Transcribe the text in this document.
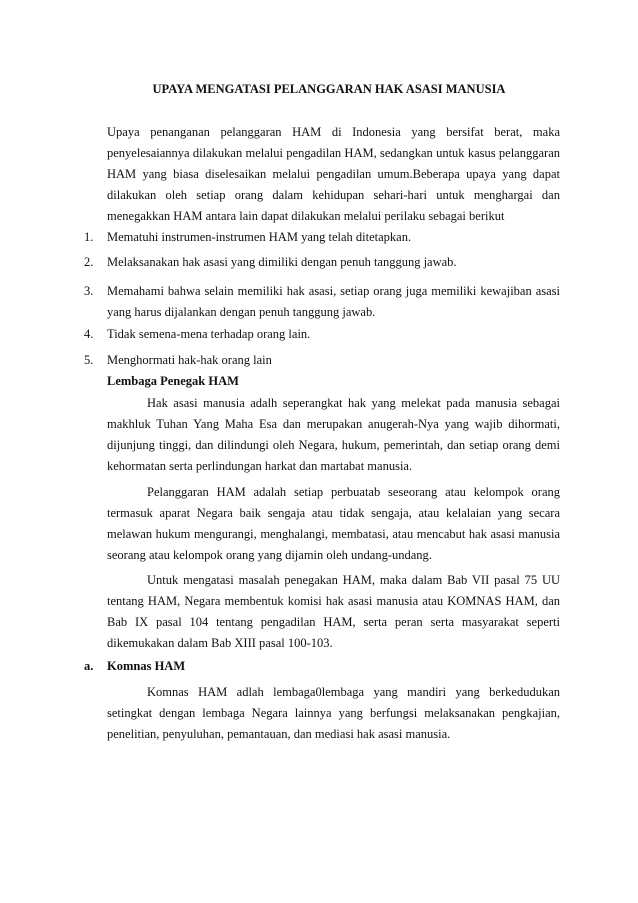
UPAYA MENGATASI PELANGGARAN HAK ASASI MANUSIA

Upaya penanganan pelanggaran HAM di Indonesia yang bersifat berat, maka penyelesaiannya dilakukan melalui pengadilan HAM, sedangkan untuk kasus pelanggaran HAM yang biasa diselesaikan melalui pengadilan umum.Beberapa upaya yang dapat dilakukan oleh setiap orang dalam kehidupan sehari-hari untuk menghargai dan menegakkan HAM antara lain dapat dilakukan melalui perilaku sebagai berikut

1. Mematuhi instrumen-instrumen HAM yang telah ditetapkan.
2. Melaksanakan hak asasi yang dimiliki dengan penuh tanggung jawab.
3. Memahami bahwa selain memiliki hak asasi, setiap orang juga memiliki kewajiban asasi yang harus dijalankan dengan penuh tanggung jawab.
4. Tidak semena-mena terhadap orang lain.
5. Menghormati hak-hak orang lain
Lembaga Penegak HAM

Hak asasi manusia adalh seperangkat hak yang melekat pada manusia sebagai makhluk Tuhan Yang Maha Esa dan merupakan anugerah-Nya yang wajib dihormati, dijunjung tinggi, dan dilindungi oleh Negara, hukum, pemerintah, dan setiap orang demi kehormatan serta perlindungan harkat dan martabat manusia.

Pelanggaran HAM adalah setiap perbuatab seseorang atau kelompok orang termasuk aparat Negara baik sengaja atau tidak sengaja, atau kelalaian yang secara melawan hukum mengurangi, menghalangi, membatasi, atau mencabut hak asasi manusia seorang atau kelompok orang yang dijamin oleh undang-undang.

Untuk mengatasi masalah penegakan HAM, maka dalam Bab VII pasal 75 UU tentang HAM, Negara membentuk komisi hak asasi manusia atau KOMNAS HAM, dan Bab IX pasal 104 tentang pengadilan HAM, serta peran serta masyarakat seperti dikemukakan dalam Bab XIII pasal 100-103.

a. Komnas HAM

Komnas HAM adlah lembaga0lembaga yang mandiri yang berkedudukan setingkat dengan lembaga Negara lainnya yang berfungsi melaksanakan pengkajian, penelitian, penyuluhan, pemantauan, dan mediasi hak asasi manusia.
